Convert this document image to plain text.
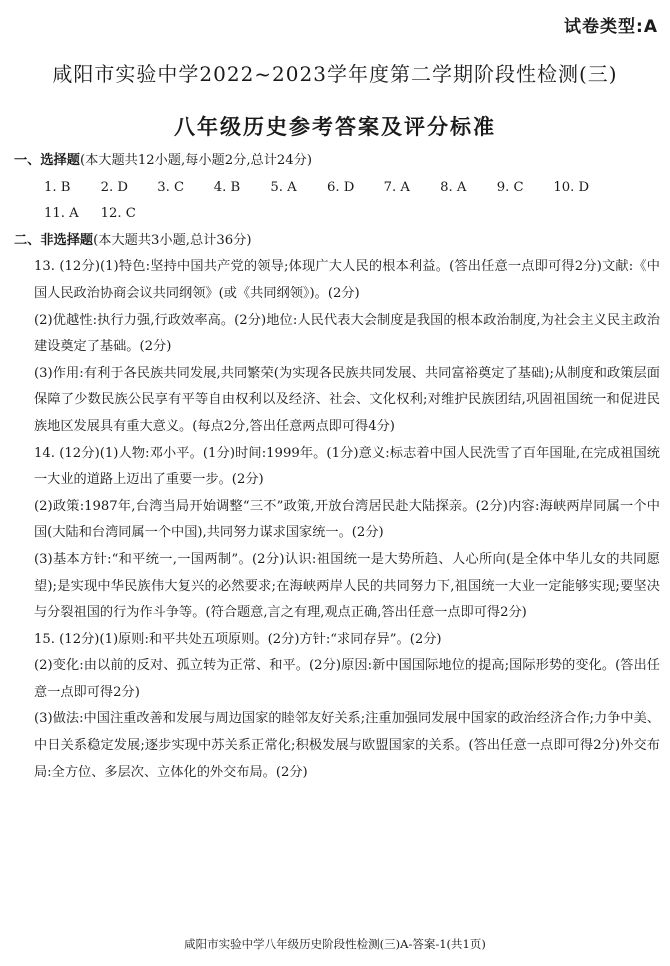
试卷类型:A
咸阳市实验中学2022~2023学年度第二学期阶段性检测(三)
八年级历史参考答案及评分标准
一、选择题(本大题共12小题,每小题2分,总计24分)
1. B	2. D	3. C	4. B	5. A	6. D	7. A	8. A	9. C	10. D
11. A	12. C
二、非选择题(本大题共3小题,总计36分)
13. (12分)(1)特色:坚持中国共产党的领导;体现广大人民的根本利益。(答出任意一点即可得2分)文献:《中国人民政治协商会议共同纲领》(或《共同纲领》)。(2分)
(2)优越性:执行力强,行政效率高。(2分)地位:人民代表大会制度是我国的根本政治制度,为社会主义民主政治建设奠定了基础。(2分)
(3)作用:有利于各民族共同发展,共同繁荣(为实现各民族共同发展、共同富裕奠定了基础);从制度和政策层面保障了少数民族公民享有平等自由权利以及经济、社会、文化权利;对维护民族团结,巩固祖国统一和促进民族地区发展具有重大意义。(每点2分,答出任意两点即可得4分)
14. (12分)(1)人物:邓小平。(1分)时间:1999年。(1分)意义:标志着中国人民洗雪了百年国耻,在完成祖国统一大业的道路上迈出了重要一步。(2分)
(2)政策:1987年,台湾当局开始调整“三不”政策,开放台湾居民赴大陆探亲。(2分)内容:海峡两岸同属一个中国(大陆和台湾同属一个中国),共同努力谋求国家统一。(2分)
(3)基本方针:“和平统一,一国两制”。(2分)认识:祖国统一是大势所趋、人心所向(是全体中华儿女的共同愿望);是实现中华民族伟大复兴的必然要求;在海峡两岸人民的共同努力下,祖国统一大业一定能够实现;要坚决与分裂祖国的行为作斗争等。(符合题意,言之有理,观点正确,答出任意一点即可得2分)
15. (12分)(1)原则:和平共处五项原则。(2分)方针:“求同存异”。(2分)
(2)变化:由以前的反对、孤立转为正常、和平。(2分)原因:新中国国际地位的提高;国际形势的变化。(答出任意一点即可得2分)
(3)做法:中国注重改善和发展与周边国家的睦邻友好关系;注重加强同发展中国家的政治经济合作;力争中美、中日关系稳定发展;逐步实现中苏关系正常化;积极发展与欧盟国家的关系。(答出任意一点即可得2分)外交布局:全方位、多层次、立体化的外交布局。(2分)
咸阳市实验中学八年级历史阶段性检测(三)A-答案-1(共1页)
